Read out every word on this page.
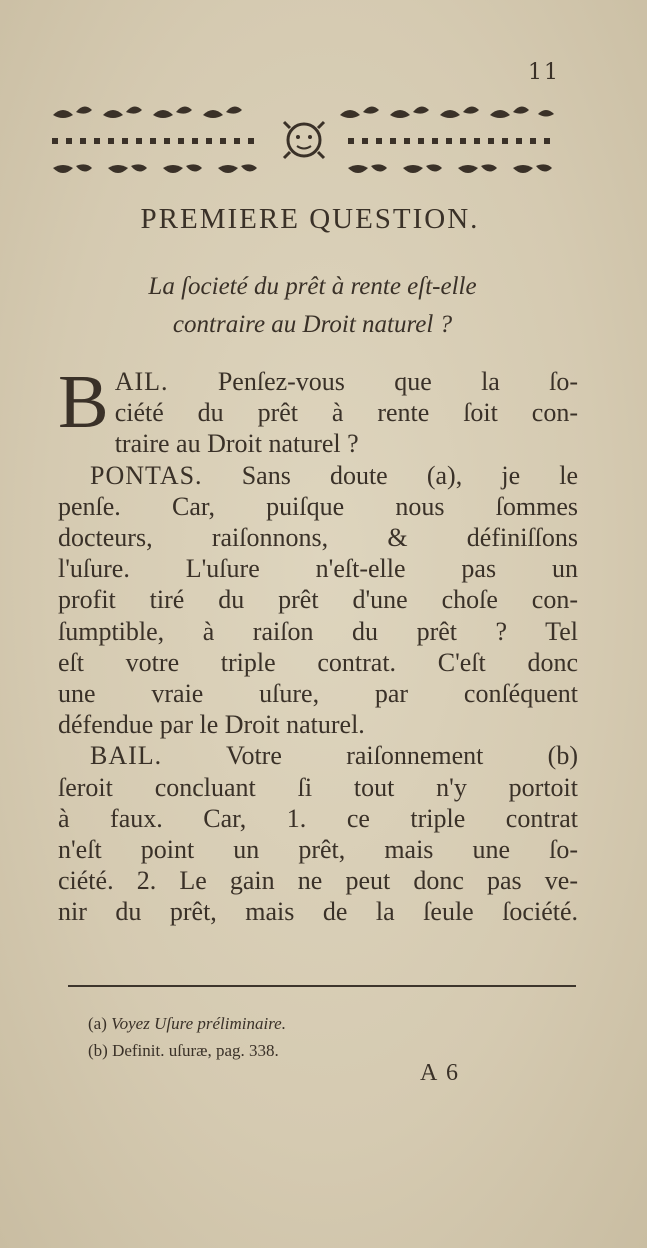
11
PREMIERE QUESTION.
La ſocieté du prêt à rente eſt-elle
contraire au Droit naturel ?
B AIL. Penſez-vous que la ſo-
ciété du prêt à rente ſoit con-
traire au Droit naturel ?
PONTAS. Sans doute (a), je le
penſe. Car, puiſque nous ſommes
docteurs, raiſonnons, & définiſſons
l'uſure. L'uſure n'eſt-elle pas un
profit tiré du prêt d'une choſe con-
ſumptible, à raiſon du prêt ? Tel
eſt votre triple contrat. C'eſt donc
une vraie uſure, par conſéquent
défendue par le Droit naturel.
BAIL. Votre raiſonnement (b)
ſeroit concluant ſi tout n'y portoit
à faux. Car, 1. ce triple contrat
n'eſt point un prêt, mais une ſo-
ciété. 2. Le gain ne peut donc pas ve-
nir du prêt, mais de la ſeule ſociété.
(a) Voyez Uſure préliminaire.
(b) Definit. uſuræ, pag. 338.
A 6
